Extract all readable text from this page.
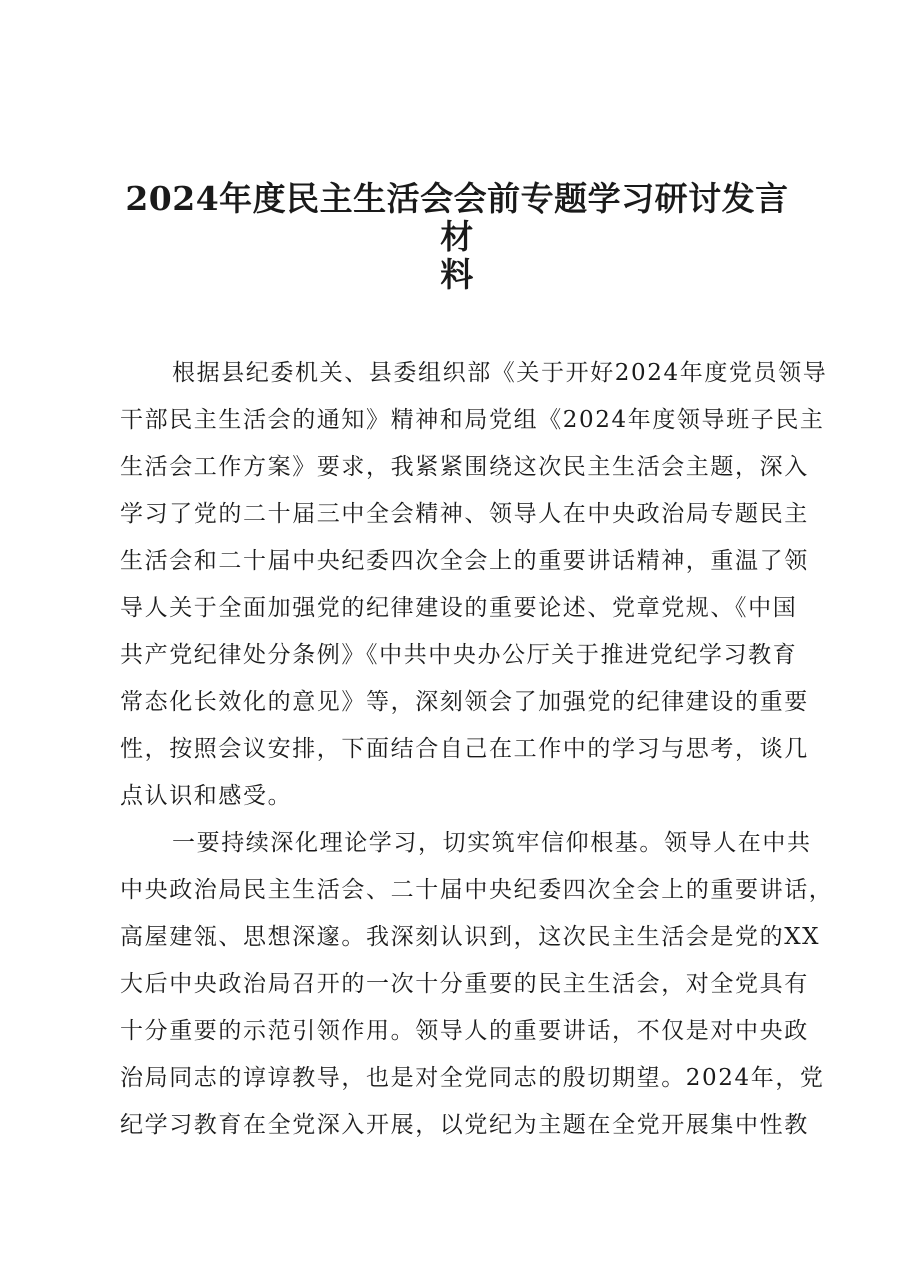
2024年度民主生活会会前专题学习研讨发言材
料

根据县纪委机关、县委组织部《关于开好2024年度党员领导
干部民主生活会的通知》精神和局党组《2024年度领导班子民主
生活会工作方案》要求，我紧紧围绕这次民主生活会主题，深入
学习了党的二十届三中全会精神、领导人在中央政治局专题民主
生活会和二十届中央纪委四次全会上的重要讲话精神，重温了领
导人关于全面加强党的纪律建设的重要论述、党章党规、《中国
共产党纪律处分条例》《中共中央办公厅关于推进党纪学习教育
常态化长效化的意见》等，深刻领会了加强党的纪律建设的重要
性，按照会议安排，下面结合自己在工作中的学习与思考，谈几
点认识和感受。

一要持续深化理论学习，切实筑牢信仰根基。领导人在中共
中央政治局民主生活会、二十届中央纪委四次全会上的重要讲话，
高屋建瓴、思想深邃。我深刻认识到，这次民主生活会是党的XX
大后中央政治局召开的一次十分重要的民主生活会，对全党具有
十分重要的示范引领作用。领导人的重要讲话，不仅是对中央政
治局同志的谆谆教导，也是对全党同志的殷切期望。2024年，党
纪学习教育在全党深入开展，以党纪为主题在全党开展集中性教
